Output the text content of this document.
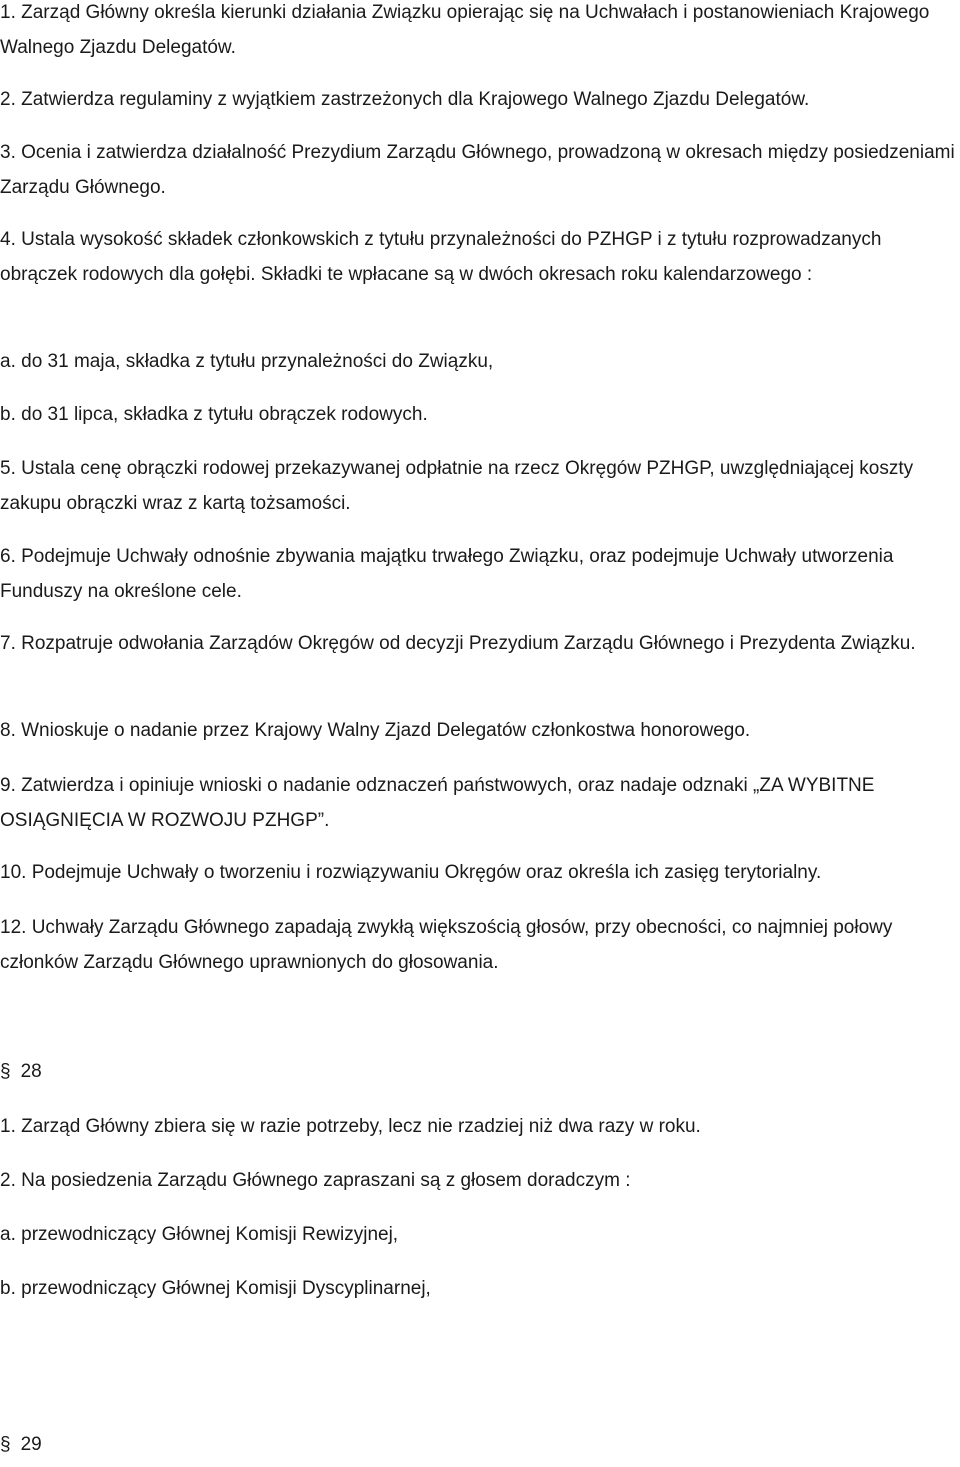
1. Zarząd Główny określa kierunki działania Związku opierając się na Uchwałach i postanowieniach Krajowego Walnego Zjazdu Delegatów.

2. Zatwierdza regulaminy z wyjątkiem zastrzeżonych dla Krajowego Walnego Zjazdu Delegatów.

3. Ocenia i zatwierdza działalność Prezydium Zarządu Głównego, prowadzoną w okresach między posiedzeniami Zarządu Głównego.

4. Ustala wysokość składek członkowskich z tytułu przynależności do PZHGP i z tytułu rozprowadzanych obrączek rodowych dla gołębi. Składki te wpłacane są w dwóch okresach roku kalendarzowego :

a. do 31 maja, składka z tytułu przynależności do Związku,

b. do 31 lipca, składka z tytułu obrączek rodowych.

5. Ustala cenę obrączki rodowej przekazywanej odpłatnie na rzecz Okręgów PZHGP, uwzględniającej koszty zakupu obrączki wraz z kartą tożsamości.

6. Podejmuje Uchwały odnośnie zbywania majątku trwałego Związku, oraz podejmuje Uchwały utworzenia Funduszy na określone cele.

7. Rozpatruje odwołania Zarządów Okręgów od decyzji Prezydium Zarządu Głównego i Prezydenta Związku.

8. Wnioskuje o nadanie przez Krajowy Walny Zjazd Delegatów członkostwa honorowego.

9. Zatwierdza i opiniuje wnioski o nadanie odznaczeń państwowych, oraz nadaje odznaki „ZA WYBITNE OSIĄGNIĘCIA W ROZWOJU PZHGP”.

10. Podejmuje Uchwały o tworzeniu i rozwiązywaniu Okręgów oraz określa ich zasięg terytorialny.

12. Uchwały Zarządu Głównego zapadają zwykłą większością głosów, przy obecności, co najmniej połowy członków Zarządu Głównego uprawnionych do głosowania.

§ 28

1. Zarząd Główny zbiera się w razie potrzeby, lecz nie rzadziej niż dwa razy w roku.

2. Na posiedzenia Zarządu Głównego zapraszani są z głosem doradczym :

a. przewodniczący Głównej Komisji Rewizyjnej,

b. przewodniczący Głównej Komisji Dyscyplinarnej,

§ 29
